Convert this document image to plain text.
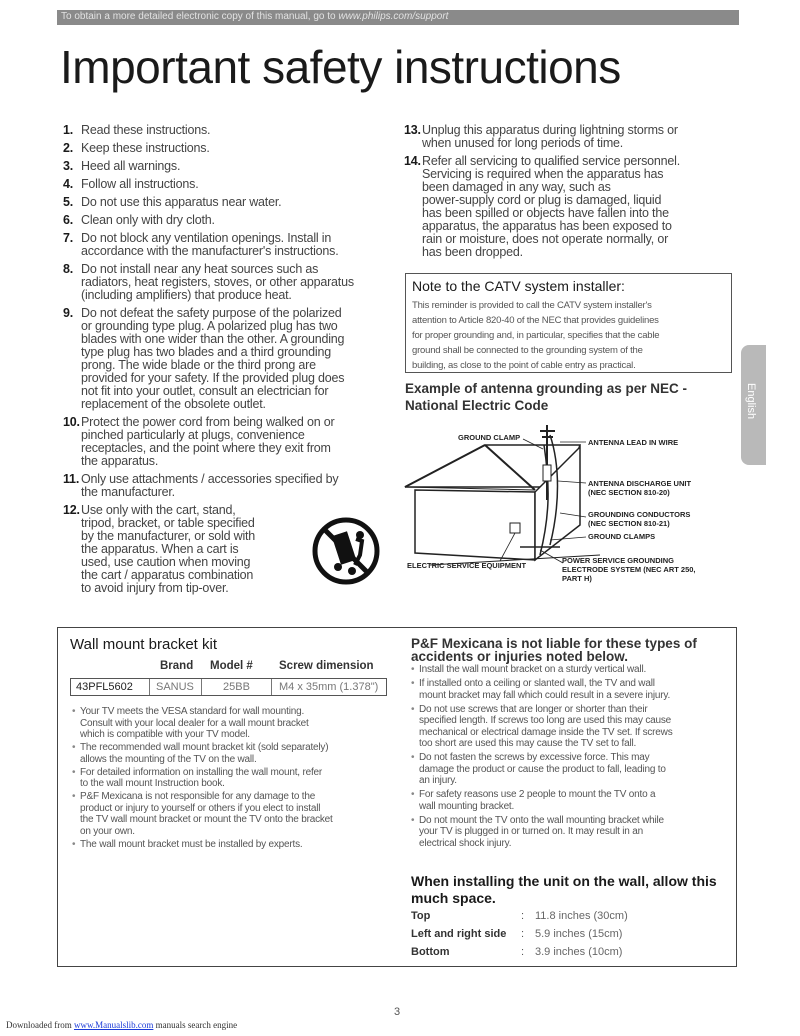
To obtain a more detailed electronic copy of this manual, go to www.philips.com/support
Important safety instructions
1. Read these instructions.
2. Keep these instructions.
3. Heed all warnings.
4. Follow all instructions.
5. Do not use this apparatus near water.
6. Clean only with dry cloth.
7. Do not block any ventilation openings. Install in
accordance with the manufacturer's instructions.
8. Do not install near any heat sources such as
radiators, heat registers, stoves, or other apparatus
(including amplifiers) that produce heat.
9. Do not defeat the safety purpose of the polarized
or grounding type plug. A polarized plug has two
blades with one wider than the other. A grounding
type plug has two blades and a third grounding
prong. The wide blade or the third prong are
provided for your safety. If the provided plug does
not fit into your outlet, consult an electrician for
replacement of the obsolete outlet.
10. Protect the power cord from being walked on or
pinched particularly at plugs, convenience
receptacles, and the point where they exit from
the apparatus.
11. Only use attachments / accessories specified by
the manufacturer.
12. Use only with the cart, stand,
tripod, bracket, or table specified
by the manufacturer, or sold with
the apparatus. When a cart is
used, use caution when moving
the cart / apparatus combination
to avoid injury from tip-over.
13. Unplug this apparatus during lightning storms or
when unused for long periods of time.
14. Refer all servicing to qualified service personnel.
Servicing is required when the apparatus has
been damaged in any way, such as
power-supply cord or plug is damaged, liquid
has been spilled or objects have fallen into the
apparatus, the apparatus has been exposed to
rain or moisture, does not operate normally, or
has been dropped.
Note to the CATV system installer:
This reminder is provided to call the CATV system installer's
attention to Article 820-40 of the NEC that provides guidelines
for proper grounding and, in particular, specifies that the cable
ground shall be connected to the grounding system of the
building, as close to the point of cable entry as practical.
Example of antenna grounding as per NEC -
National Electric Code
GROUND CLAMP
ANTENNA LEAD IN WIRE
ANTENNA DISCHARGE UNIT
(NEC SECTION 810-20)
GROUNDING CONDUCTORS
(NEC SECTION 810-21)
GROUND CLAMPS
ELECTRIC SERVICE EQUIPMENT
POWER SERVICE GROUNDING
ELECTRODE SYSTEM (NEC ART 250,
PART H)
English
Wall mount bracket kit
Brand Model # Screw dimension
43PFL5602 SANUS	25BB	M4 x 35mm (1.378")
• Your TV meets the VESA standard for wall mounting.
Consult with your local dealer for a wall mount bracket
which is compatible with your TV model.
• The recommended wall mount bracket kit (sold separately)
allows the mounting of the TV on the wall.
• For detailed information on installing the wall mount, refer
to the wall mount Instruction book.
• P&F Mexicana is not responsible for any damage to the
product or injury to yourself or others if you elect to install
the TV wall mount bracket or mount the TV onto the bracket
on your own.
• The wall mount bracket must be installed by experts.
P&F Mexicana is not liable for these types of
accidents or injuries noted below.
• Install the wall mount bracket on a sturdy vertical wall.
• If installed onto a ceiling or slanted wall, the TV and wall
mount bracket may fall which could result in a severe injury.
• Do not use screws that are longer or shorter than their
specified length. If screws too long are used this may cause
mechanical or electrical damage inside the TV set. If screws
too short are used this may cause the TV set to fall.
• Do not fasten the screws by excessive force. This may
damage the product or cause the product to fall, leading to
an injury.
• For safety reasons use 2 people to mount the TV onto a
wall mounting bracket.
• Do not mount the TV onto the wall mounting bracket while
your TV is plugged in or turned on. It may result in an
electrical shock injury.
When installing the unit on the wall, allow this
much space.
Top	: 11.8 inches (30cm)
Left and right side : 5.9 inches (15cm)
Bottom	: 3.9 inches (10cm)
3
Downloaded from www.Manualslib.com manuals search engine
